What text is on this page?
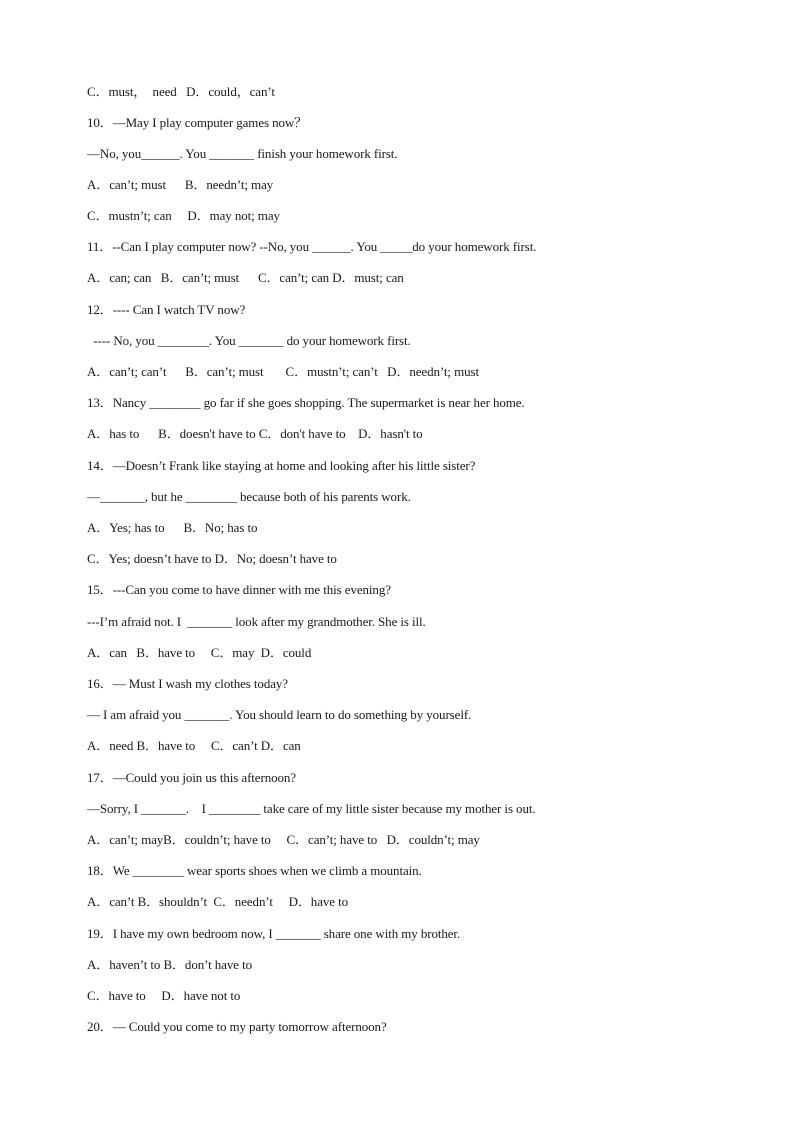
C．must，  need   D．could，can’t
10．—May I play computer games now？
—No, you______. You _______ finish your homework first.
A．can’t; must      B．needn’t; may
C．mustn’t; can     D．may not; may
11．--Can I play computer now? --No, you ______. You _____do your homework first.
A．can; can   B．can’t; must      C．can’t; can D．must; can
12．---- Can I watch TV now?
---- No, you ________. You _______ do your homework first.
A．can’t; can’t      B．can’t; must       C．mustn’t; can’t   D．needn’t; must
13．Nancy ________ go far if she goes shopping. The supermarket is near her home.
A．has to      B．doesn't have to C．don't have to    D．hasn't to
14．—Doesn’t Frank like staying at home and looking after his little sister?
—_______, but he ________ because both of his parents work.
A．Yes; has to      B．No; has to
C．Yes; doesn’t have to D．No; doesn’t have to
15．---Can you come to have dinner with me this evening?
---I’m afraid not. I  _______ look after my grandmother. She is ill.
A．can   B．have to     C．may  D．could
16．— Must I wash my clothes today?
— I am afraid you _______. You should learn to do something by yourself.
A．need B．have to     C．can’t D．can
17．—Could you join us this afternoon?
—Sorry, I _______.    I ________ take care of my little sister because my mother is out.
A．can’t; mayB．couldn’t; have to     C．can’t; have to   D．couldn’t; may
18．We ________ wear sports shoes when we climb a mountain.
A．can’t B．shouldn’t  C．needn’t     D．have to
19．I have my own bedroom now, I _______ share one with my brother.
A．haven’t to B．don’t have to
C．have to     D．have not to
20．— Could you come to my party tomorrow afternoon?
